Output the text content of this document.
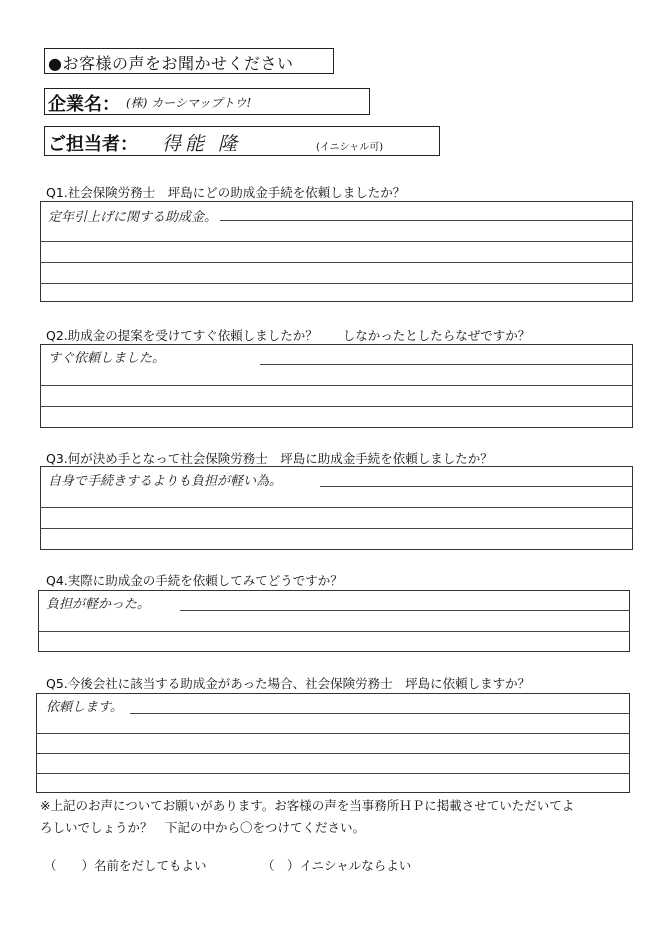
●お客様の声をお聞かせください
企業名： (株) カーシマップトウ!
ご担当者： 得能 隆	(イニシャル可)
Q1.社会保険労務士　坪島にどの助成金手続を依頼しましたか？
定年引上げに関する助成金。
Q2.助成金の提案を受けてすぐ依頼しましたか？　　しなかったとしたらなぜですか？
すぐ依頼しました。
Q3.何が決め手となって社会保険労務士　坪島に助成金手続を依頼しましたか？
自身で手続きするよりも負担が軽い為。
Q4.実際に助成金の手続を依頼してみてどうですか？
負担が軽かった。
Q5.今後会社に該当する助成金があった場合、社会保険労務士　坪島に依頼しますか？
依頼します。
※上記のお声についてお願いがあります。お客様の声を当事務所ＨＰに掲載させていただいてよ
ろしいでしょうか？　下記の中から〇をつけてください。
（　　）名前をだしてもよい	（　）イニシャルならよい
